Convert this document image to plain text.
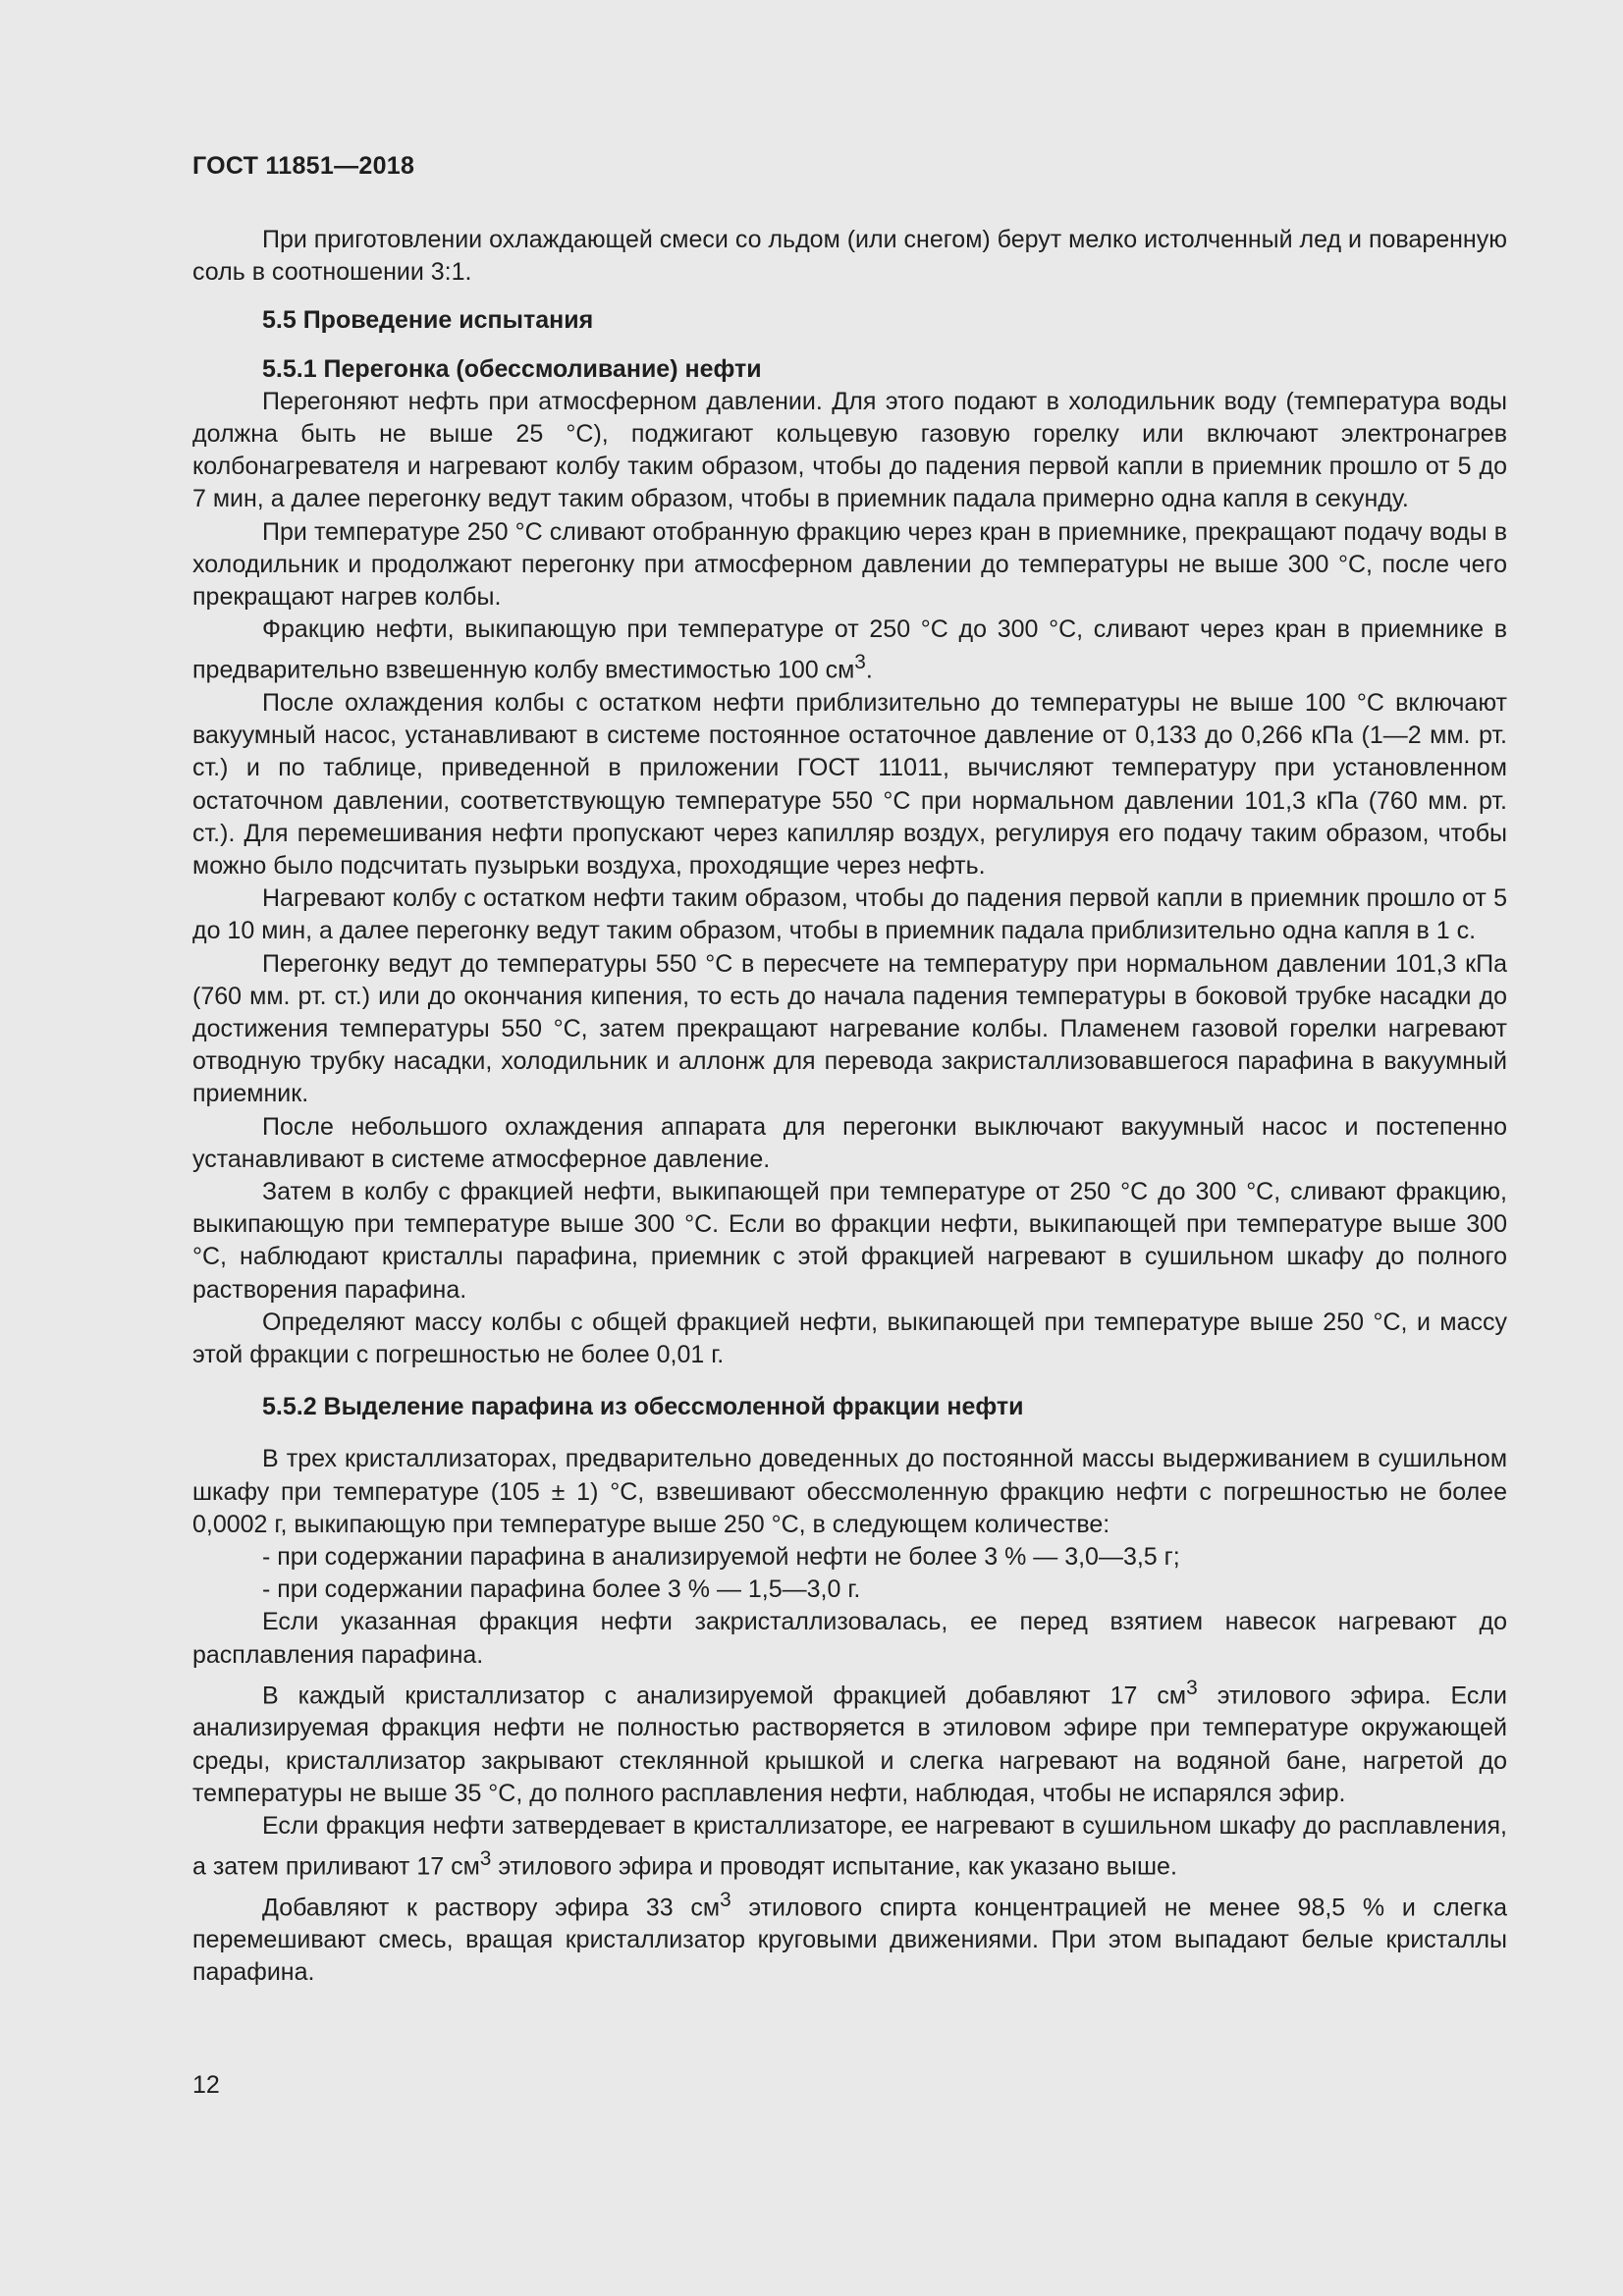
ГОСТ 11851—2018

При приготовлении охлаждающей смеси со льдом (или снегом) берут мелко истолченный лед и поваренную соль в соотношении 3:1.

5.5 Проведение испытания
5.5.1 Перегонка (обессмоливание) нефти

Перегоняют нефть при атмосферном давлении. Для этого подают в холодильник воду (температура воды должна быть не выше 25 °C), поджигают кольцевую газовую горелку или включают электронагрев колбонагревателя и нагревают колбу таким образом, чтобы до падения первой капли в приемник прошло от 5 до 7 мин, а далее перегонку ведут таким образом, чтобы в приемник падала примерно одна капля в секунду.

При температуре 250 °C сливают отобранную фракцию через кран в приемнике, прекращают подачу воды в холодильник и продолжают перегонку при атмосферном давлении до температуры не выше 300 °C, после чего прекращают нагрев колбы.

Фракцию нефти, выкипающую при температуре от 250 °C до 300 °C, сливают через кран в приемнике в предварительно взвешенную колбу вместимостью 100 $см^3$.

После охлаждения колбы с остатком нефти приблизительно до температуры не выше 100 °C включают вакуумный насос, устанавливают в системе постоянное остаточное давление от 0,133 до 0,266 кПа (1—2 мм. рт. ст.) и по таблице, приведенной в приложении ГОСТ 11011, вычисляют температуру при установленном остаточном давлении, соответствующую температуре 550 °C при нормальном давлении 101,3 кПа (760 мм. рт. ст.). Для перемешивания нефти пропускают через капилляр воздух, регулируя его подачу таким образом, чтобы можно было подсчитать пузырьки воздуха, проходящие через нефть.

Нагревают колбу с остатком нефти таким образом, чтобы до падения первой капли в приемник прошло от 5 до 10 мин, а далее перегонку ведут таким образом, чтобы в приемник падала приблизительно одна капля в 1 с.

Перегонку ведут до температуры 550 °C в пересчете на температуру при нормальном давлении 101,3 кПа (760 мм. рт. ст.) или до окончания кипения, то есть до начала падения температуры в боковой трубке насадки до достижения температуры 550 °C, затем прекращают нагревание колбы. Пламенем газовой горелки нагревают отводную трубку насадки, холодильник и аллонж для перевода закристаллизовавшегося парафина в вакуумный приемник.

После небольшого охлаждения аппарата для перегонки выключают вакуумный насос и постепенно устанавливают в системе атмосферное давление.

Затем в колбу с фракцией нефти, выкипающей при температуре от 250 °C до 300 °C, сливают фракцию, выкипающую при температуре выше 300 °C. Если во фракции нефти, выкипающей при температуре выше 300 °C, наблюдают кристаллы парафина, приемник с этой фракцией нагревают в сушильном шкафу до полного растворения парафина.

Определяют массу колбы с общей фракцией нефти, выкипающей при температуре выше 250 °C, и массу этой фракции с погрешностью не более 0,01 г.

5.5.2 Выделение парафина из обессмоленной фракции нефти

В трех кристаллизаторах, предварительно доведенных до постоянной массы выдерживанием в сушильном шкафу при температуре (105 ± 1) °C, взвешивают обессмоленную фракцию нефти с погрешностью не более 0,0002 г, выкипающую при температуре выше 250 °C, в следующем количестве:

- при содержании парафина в анализируемой нефти не более 3 % — 3,0—3,5 г;

- при содержании парафина более 3 % — 1,5—3,0 г.

Если указанная фракция нефти закристаллизовалась, ее перед взятием навесок нагревают до расплавления парафина.

В каждый кристаллизатор с анализируемой фракцией добавляют 17 $см^3$ этилового эфира. Если анализируемая фракция нефти не полностью растворяется в этиловом эфире при температуре окружающей среды, кристаллизатор закрывают стеклянной крышкой и слегка нагревают на водяной бане, нагретой до температуры не выше 35 °C, до полного расплавления нефти, наблюдая, чтобы не испарялся эфир.

Если фракция нефти затвердевает в кристаллизаторе, ее нагревают в сушильном шкафу до расплавления, а затем приливают 17 $см^3$ этилового эфира и проводят испытание, как указано выше.

Добавляют к раствору эфира 33 $см^3$ этилового спирта концентрацией не менее 98,5 % и слегка перемешивают смесь, вращая кристаллизатор круговыми движениями. При этом выпадают белые кристаллы парафина.

12
